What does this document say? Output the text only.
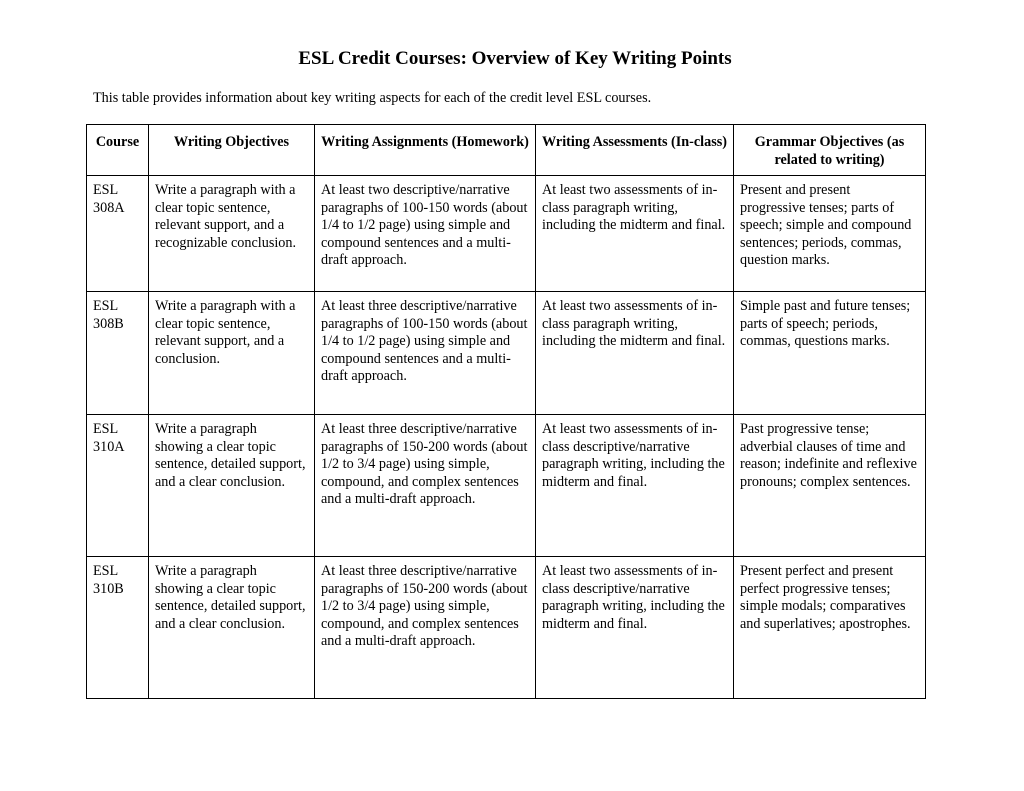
ESL Credit Courses: Overview of Key Writing Points
This table provides information about key writing aspects for each of the credit level ESL courses.
Course	Writing Objectives	Writing Assignments (Homework)	Writing Assessments (In-class)	Grammar Objectives (as related to writing)
ESL 308A	Write a paragraph with a clear topic sentence, relevant support, and a recognizable conclusion.	At least two descriptive/narrative paragraphs of 100-150 words (about 1/4 to 1/2 page) using simple and compound sentences and a multi-draft approach.	At least two assessments of in-class paragraph writing, including the midterm and final.	Present and present progressive tenses; parts of speech; simple and compound sentences; periods, commas, question marks.
ESL 308B	Write a paragraph with a clear topic sentence, relevant support, and a conclusion.	At least three descriptive/narrative paragraphs of 100-150 words (about 1/4 to 1/2 page) using simple and compound sentences and a multi-draft approach.	At least two assessments of in-class paragraph writing, including the midterm and final.	Simple past and future tenses; parts of speech; periods, commas, questions marks.
ESL 310A	Write a paragraph showing a clear topic sentence, detailed support, and a clear conclusion.	At least three descriptive/narrative paragraphs of 150-200 words (about 1/2 to 3/4 page) using simple, compound, and complex sentences and a multi-draft approach.	At least two assessments of in-class descriptive/narrative paragraph writing, including the midterm and final.	Past progressive tense; adverbial clauses of time and reason; indefinite and reflexive pronouns; complex sentences.
ESL 310B	Write a paragraph showing a clear topic sentence, detailed support, and a clear conclusion.	At least three descriptive/narrative paragraphs of 150-200 words (about 1/2 to 3/4 page) using simple, compound, and complex sentences and a multi-draft approach.	At least two assessments of in-class descriptive/narrative paragraph writing, including the midterm and final.	Present perfect and present perfect progressive tenses; simple modals; comparatives and superlatives; apostrophes.
